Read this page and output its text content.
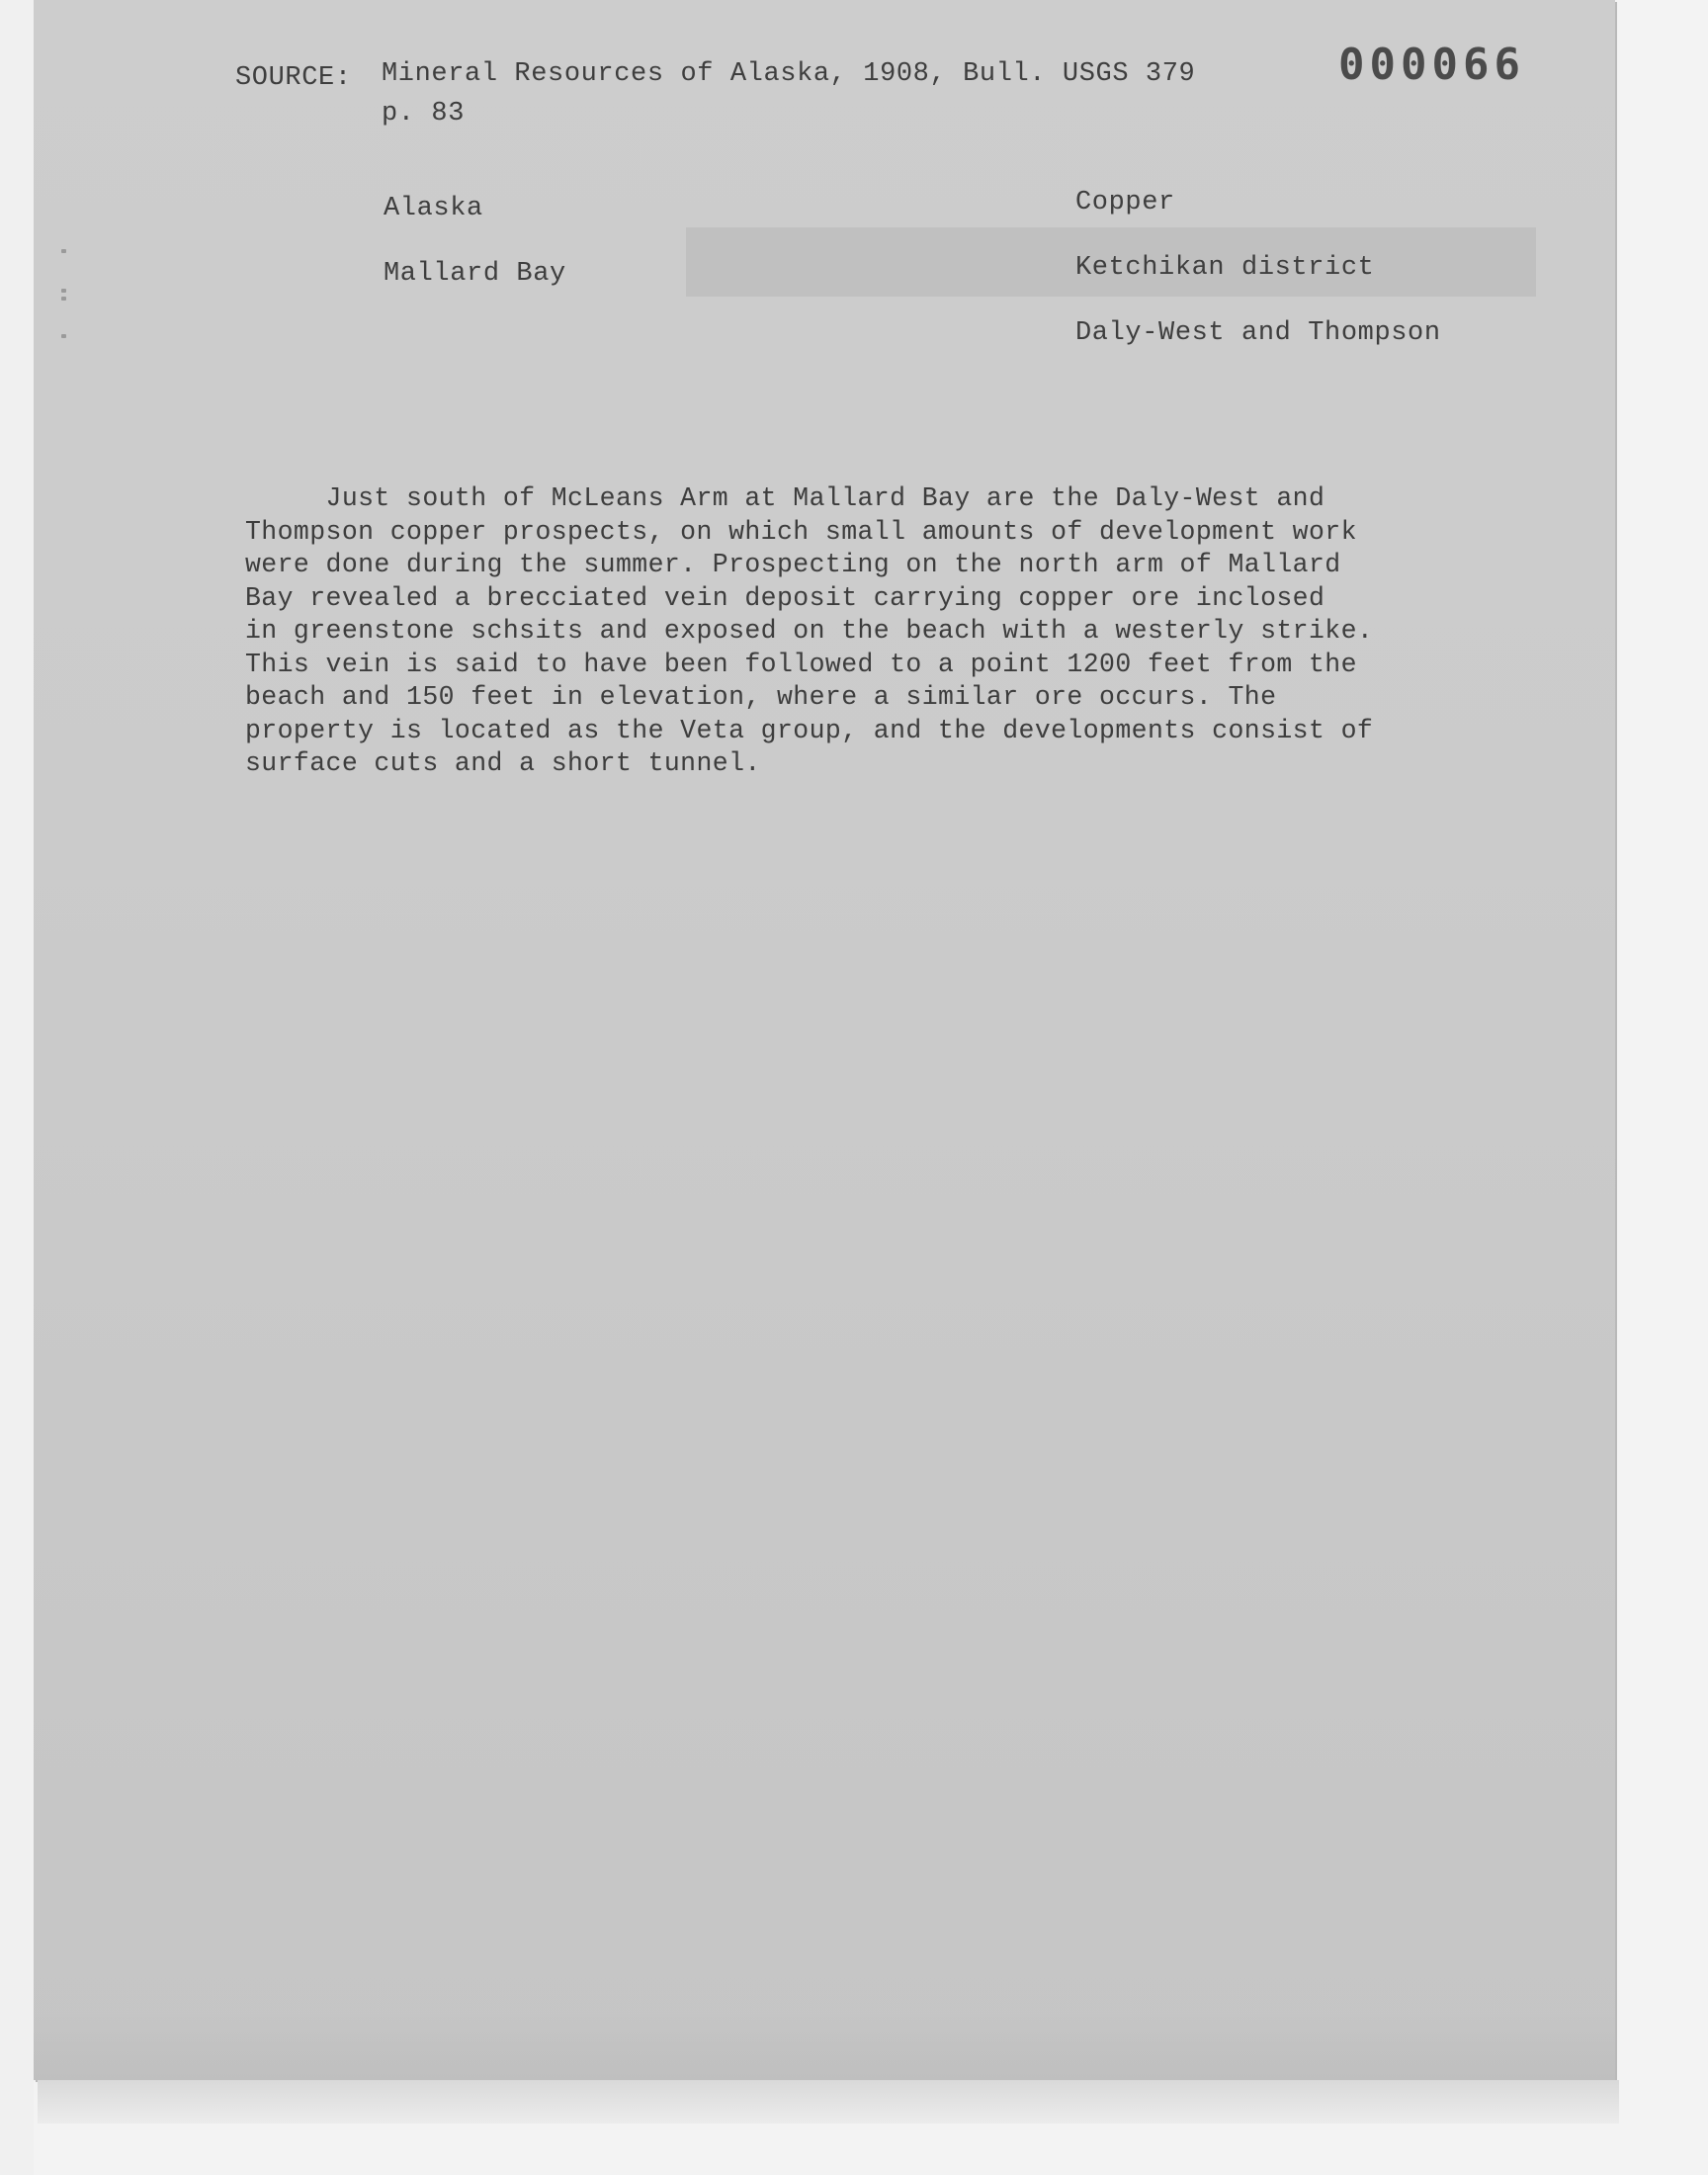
SOURCE: Mineral Resources of Alaska, 1908, Bull. USGS 379
p. 83
000066
Alaska
Mallard Bay
Copper
Ketchikan district
Daly-West and Thompson
Just south of McLeans Arm at Mallard Bay are the Daly-West and
Thompson copper prospects, on which small amounts of development work
were done during the summer. Prospecting on the north arm of Mallard
Bay revealed a brecciated vein deposit carrying copper ore inclosed
in greenstone schsits and exposed on the beach with a westerly strike.
This vein is said to have been followed to a point 1200 feet from the
beach and 150 feet in elevation, where a similar ore occurs. The
property is located as the Veta group, and the developments consist of
surface cuts and a short tunnel.
